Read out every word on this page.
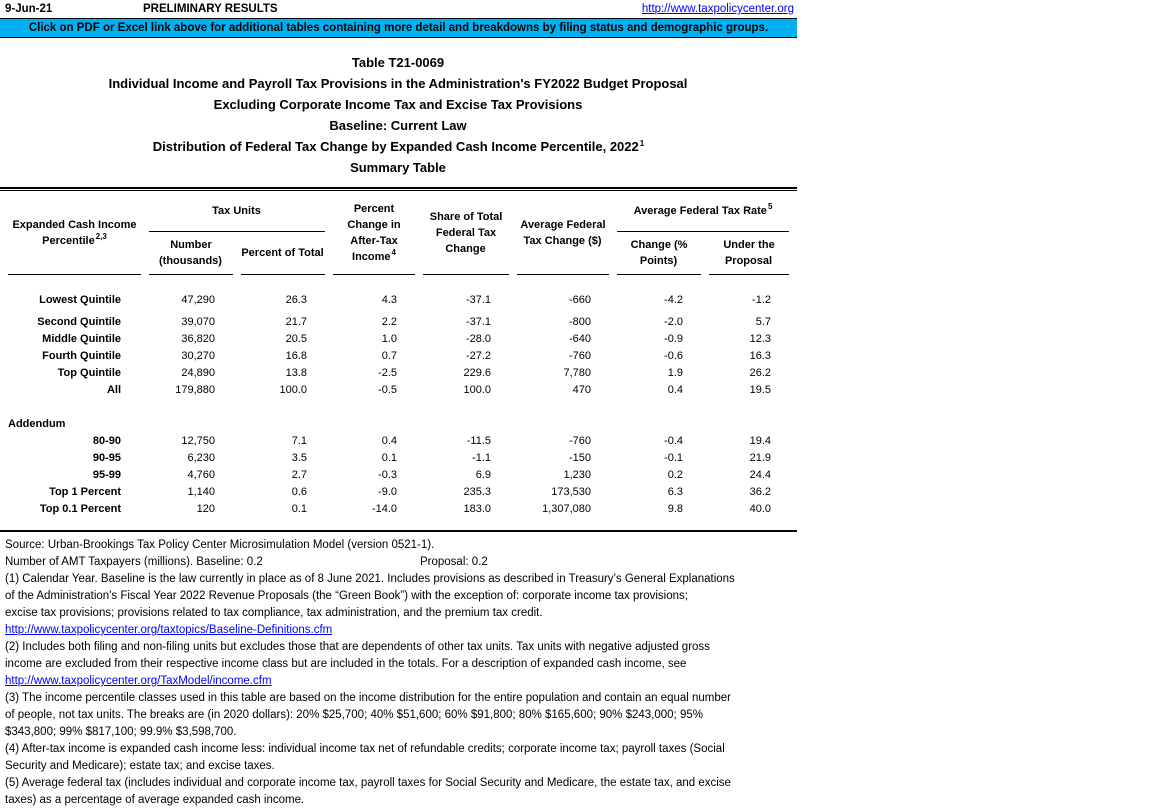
9-Jun-21	PRELIMINARY RESULTS	http://www.taxpolicycenter.org
Click on PDF or Excel link above for additional tables containing more detail and breakdowns by filing status and demographic groups.
Table T21-0069
Individual Income and Payroll Tax Provisions in the Administration's FY2022 Budget Proposal
Excluding Corporate Income Tax and Excise Tax Provisions
Baseline: Current Law
Distribution of Federal Tax Change by Expanded Cash Income Percentile, 2022$^1$
Summary Table
Expanded Cash Income Percentile$^{2,3}$	Tax Units		Percent Change in After-Tax Income$^4$	Share of Total Federal Tax Change	Average Federal Tax Change ($)	Average Federal Tax Rate$^5$
	Number (thousands)	Percent of Total				Change (% Points)	Under the Proposal
Lowest Quintile	47,290	26.3	4.3	-37.1	-660	-4.2	-1.2
Second Quintile	39,070	21.7	2.2	-37.1	-800	-2.0	5.7
Middle Quintile	36,820	20.5	1.0	-28.0	-640	-0.9	12.3
Fourth Quintile	30,270	16.8	0.7	-27.2	-760	-0.6	16.3
Top Quintile	24,890	13.8	-2.5	229.6	7,780	1.9	26.2
All	179,880	100.0	-0.5	100.0	470	0.4	19.5

Addendum							
80-90	12,750	7.1	0.4	-11.5	-760	-0.4	19.4
90-95	6,230	3.5	0.1	-1.1	-150	-0.1	21.9
95-99	4,760	2.7	-0.3	6.9	1,230	0.2	24.4
Top 1 Percent	1,140	0.6	-9.0	235.3	173,530	6.3	36.2
Top 0.1 Percent	120	0.1	-14.0	183.0	1,307,080	9.8	40.0
Source: Urban-Brookings Tax Policy Center Microsimulation Model (version 0521-1).
Number of AMT Taxpayers (millions). Baseline: 0.2	Proposal: 0.2
(1) Calendar Year. Baseline is the law currently in place as of 8 June 2021. Includes provisions as described in Treasury’s General Explanations
of the Administration's Fiscal Year 2022 Revenue Proposals (the “Green Book”) with the exception of: corporate income tax provisions;
excise tax provisions; provisions related to tax compliance, tax administration, and the premium tax credit.
http://www.taxpolicycenter.org/taxtopics/Baseline-Definitions.cfm
(2) Includes both filing and non-filing units but excludes those that are dependents of other tax units. Tax units with negative adjusted gross
income are excluded from their respective income class but are included in the totals. For a description of expanded cash income, see
http://www.taxpolicycenter.org/TaxModel/income.cfm
(3) The income percentile classes used in this table are based on the income distribution for the entire population and contain an equal number
of people, not tax units. The breaks are (in 2020 dollars): 20% $25,700; 40% $51,600; 60% $91,800; 80% $165,600; 90% $243,000; 95%
$343,800; 99% $817,100; 99.9% $3,598,700.
(4) After-tax income is expanded cash income less: individual income tax net of refundable credits; corporate income tax; payroll taxes (Social
Security and Medicare); estate tax; and excise taxes.
(5) Average federal tax (includes individual and corporate income tax, payroll taxes for Social Security and Medicare, the estate tax, and excise
taxes) as a percentage of average expanded cash income.
